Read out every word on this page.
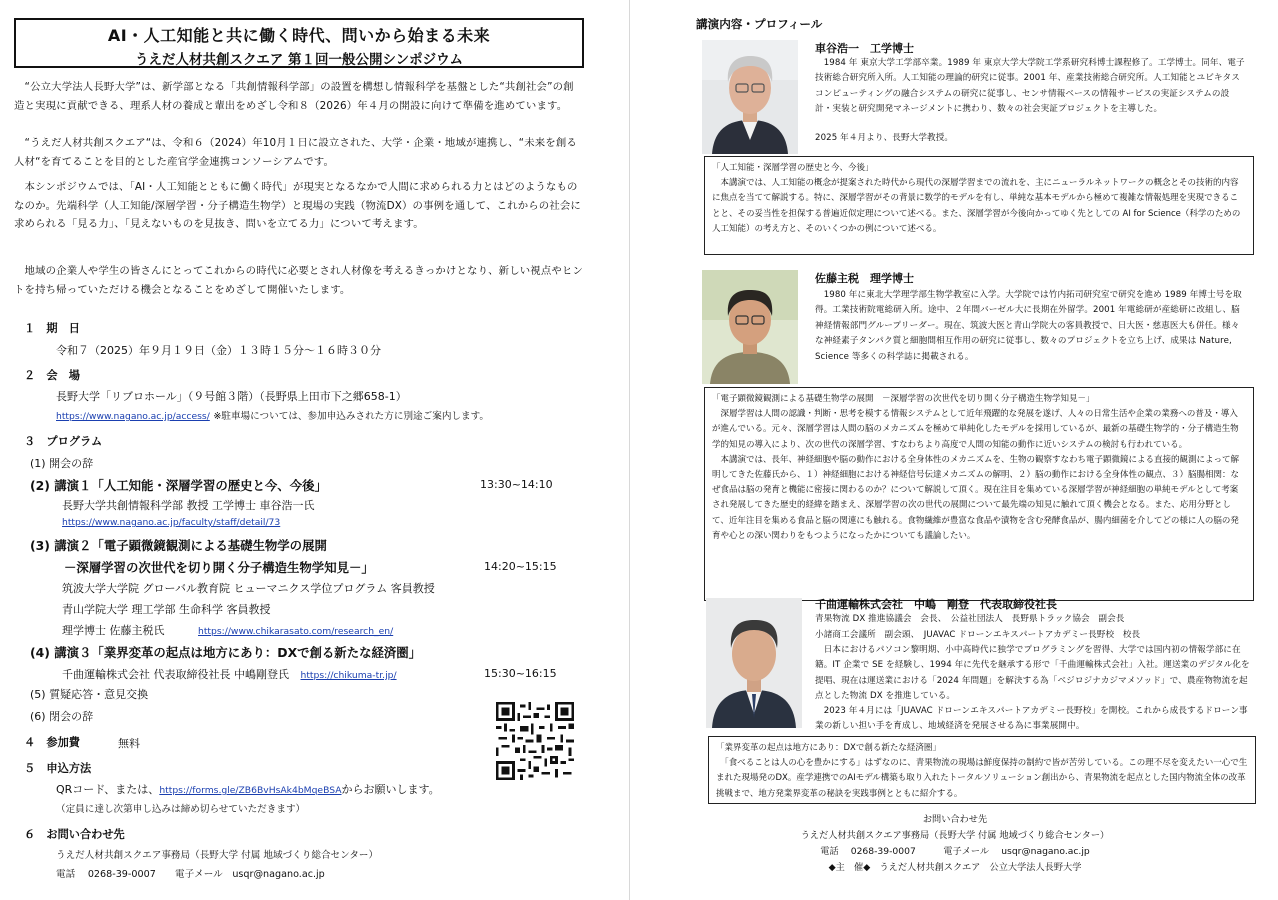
AI・人工知能と共に働く時代、問いから始まる未来
うえだ人材共創スクエア 第１回一般公開シンポジウム
　“公立大学法人長野大学”は、新学部となる「共創情報科学部」の設置を構想し情報科学を基盤とした“共創社会”の創造と実現に貢献できる、理系人材の養成と輩出をめざし令和８（2026）年４月の開設に向けて準備を進めています。
　“うえだ人材共創スクエア“は、令和６（2024）年10月１日に設立された、大学・企業・地域が連携し、“未来を創る人材“を育てることを目的とした産官学金連携コンソーシアムです。
　本シンポジウムでは、「AI・人工知能とともに働く時代」が現実となるなかで人間に求められる力とはどのようなものなのか。先端科学（人工知能/深層学習・分子構造生物学）と現場の実践（物流DX）の事例を通して、これからの社会に求められる「見る力」、「見えないものを見抜き、問いを立てる力」について考えます。
　地域の企業人や学生の皆さんにとってこれからの時代に必要とされ人材像を考えるきっかけとなり、新しい視点やヒントを持ち帰っていただける機会となることをめざして開催いたします。
１　期　日
令和７（2025）年９月１９日（金）１３時１５分～１６時３０分
２　会　場
長野大学「リブロホール」（９号館３階）（長野県上田市下之郷658-1）
https://www.nagano.ac.jp/access/ ※駐車場については、参加申込みされた方に別途ご案内します。
３　プログラム
(1) 開会の辞
(2) 講演１「人工知能・深層学習の歴史と今、今後」	13:30~14:10
長野大学共創情報科学部 教授 工学博士 車谷浩一氏
https://www.nagano.ac.jp/faculty/staff/detail/73
(3) 講演２「電子顕微鏡観測による基礎生物学の展開
－深層学習の次世代を切り開く分子構造生物学知見－」	14:20~15:15
筑波大学大学院 グローバル教育院 ヒューマニクス学位プログラム 客員教授
青山学院大学 理工学部 生命科学 客員教授
理学博士 佐藤主税氏	https://www.chikarasato.com/research_en/
(4) 講演３「業界変革の起点は地方にあり：DXで創る新たな経済圏」
千曲運輸株式会社 代表取締役社長 中嶋剛登氏 https://chikuma-tr.jp/	15:30~16:15
(5) 質疑応答・意見交換
(6) 閉会の辞
４　参加費	無料
５　申込方法
QRコード、または、https://forms.gle/ZB6BvHsAk4bMqeBSAからお願いします。
（定員に達し次第申し込みは締め切らせていただきます）
６　お問い合わせ先
うえだ人材共創スクエア事務局（長野大学 付属 地域づくり総合センター）
電話　 0268-39-0007　　電子メール　usqr@nagano.ac.jp
講演内容・プロフィール
車谷浩一　工学博士
　1984 年 東京大学工学部卒業。1989 年 東京大学大学院工学系研究科博士課程修了。工学博士。同年、電子技術総合研究所入所。人工知能の理論的研究に従事。2001 年、産業技術総合研究所。人工知能とユビキタスコンピューティングの融合システムの研究に従事し、センサ情報ベースの情報サービスの実証システムの設計・実装と研究開発マネージメントに携わり、数々の社会実証プロジェクトを主導した。
2025 年４月より、長野大学教授。
「人工知能・深層学習の歴史と今、今後」
　本講演では、人工知能の概念が提案された時代から現代の深層学習までの流れを、主にニューラルネットワークの概念とその技術的内容に焦点を当てて解説する。特に、深層学習がその背景に数学的モデルを有し、単純な基本モデルから極めて複雑な情報処理を実現できることと、その妥当性を担保する普遍近似定理について述べる。また、深層学習が今後向かってゆく先としての AI for Science（科学のための人工知能）の考え方と、そのいくつかの例について述べる。
佐藤主税　理学博士
　1980 年に東北大学理学部生物学教室に入学。大学院では竹内拓司研究室で研究を進め 1989 年博士号を取得。工業技術院電総研入所。途中、２年間バーゼル大に長期在外留学。2001 年電総研が産総研に改組し、脳神経情報部門グループリーダー。現在、筑波大医と青山学院大の客員教授で、日大医・慈恵医大も併任。様々な神経素子タンパク質と細胞間相互作用の研究に従事し、数々のプロジェクトを立ち上げ、成果は Nature, Science 等多くの科学誌に掲載される。
「電子顕微鏡観測による基礎生物学の展開　－深層学習の次世代を切り開く分子構造生物学知見－」
　深層学習は人間の認識・判断・思考を模する情報システムとして近年飛躍的な発展を遂げ、人々の日常生活や企業の業務への普及・導入が進んでいる。元々、深層学習は人間の脳のメカニズムを極めて単純化したモデルを採用しているが、最新の基礎生物学的・分子構造生物学的知見の導入により、次の世代の深層学習、すなわちより高度で人間の知能の動作に近いシステムの検討も行われている。
　本講演では、長年、神経細胞や脳の動作における全身体性のメカニズムを、生物の観察すなわち電子顕微鏡による直接的観測によって解明してきた佐藤氏から、１）神経細胞における神経信号伝達メカニズムの解明、２）脳の動作における全身体性の観点、３）脳腸相関：なぜ食品は脳の発育と機能に密接に関わるのか？について解説して頂く。現在注目を集めている深層学習が神経細胞の単純モデルとして考案され発展してきた歴史的経緯を踏まえ、深層学習の次の世代の展開について最先端の知見に触れて頂く機会となる。また、応用分野として、近年注目を集める食品と脳の関連にも触れる。食物繊維が豊富な食品や漬物を含む発酵食品が、腸内細菌を介してどの様に人の脳の発育や心との深い関わりをもつようになったかについても議論したい。
千曲運輸株式会社　中嶋　剛登　代表取締役社長
青果物流 DX 推進協議会　会長、　公益社団法人　長野県トラック協会　副会長
小諸商工会議所　副会頭、　JUAVAC ドローンエキスパートアカデミー長野校　校長
　日本におけるパソコン黎明期、小中高時代に独学でプログラミングを習得、大学では国内初の情報学部に在籍。IT 企業で SE を経験し、1994 年に先代を継承する形で「千曲運輸株式会社」入社。運送業のデジタル化を提唱、現在は運送業における「2024 年問題」を解決する為「ベジロジナカジマメソッド」で、農産物物流を起点とした物流 DX を推進している。
　2023 年４月には「JUAVAC ドローンエキスパートアカデミー長野校」を開校。これから成長するドローン事業の新しい担い手を育成し、地域経済を発展させる為に事業展開中。
「業界変革の起点は地方にあり：DXで創る新たな経済圏」
　「食べることは人の心を豊かにする」はずなのに、青果物流の現場は鮮度保持の制約で皆が苦労している。この理不尽を変えたい一心で生まれた現場発のDX。産学連携でのAIモデル構築も取り入れたトータルソリューション創出から、青果物流を起点とした国内物流全体の改革挑戦まで、地方発業界変革の秘訣を実践事例とともに紹介する。
お問い合わせ先
うえだ人材共創スクエア事務局（長野大学 付属 地域づくり総合センター）
電話　 0268-39-0007　　　電子メール　 usqr@nagano.ac.jp
◆主　催◆　うえだ人材共創スクエア　公立大学法人長野大学
